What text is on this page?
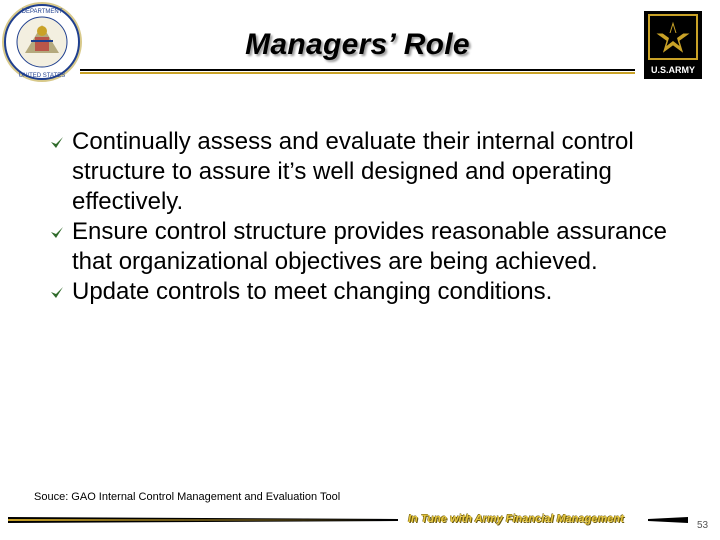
DEPARTMENT
UNITED STATES
Managers’ Role
U.S.ARMY
Continually assess and evaluate their internal control structure to assure it’s well designed and operating effectively.
Ensure control structure provides reasonable assurance that organizational objectives are being achieved.
Update controls to meet changing conditions.
Souce: GAO Internal Control Management and Evaluation Tool
In Tune with Army Financial Management
53
